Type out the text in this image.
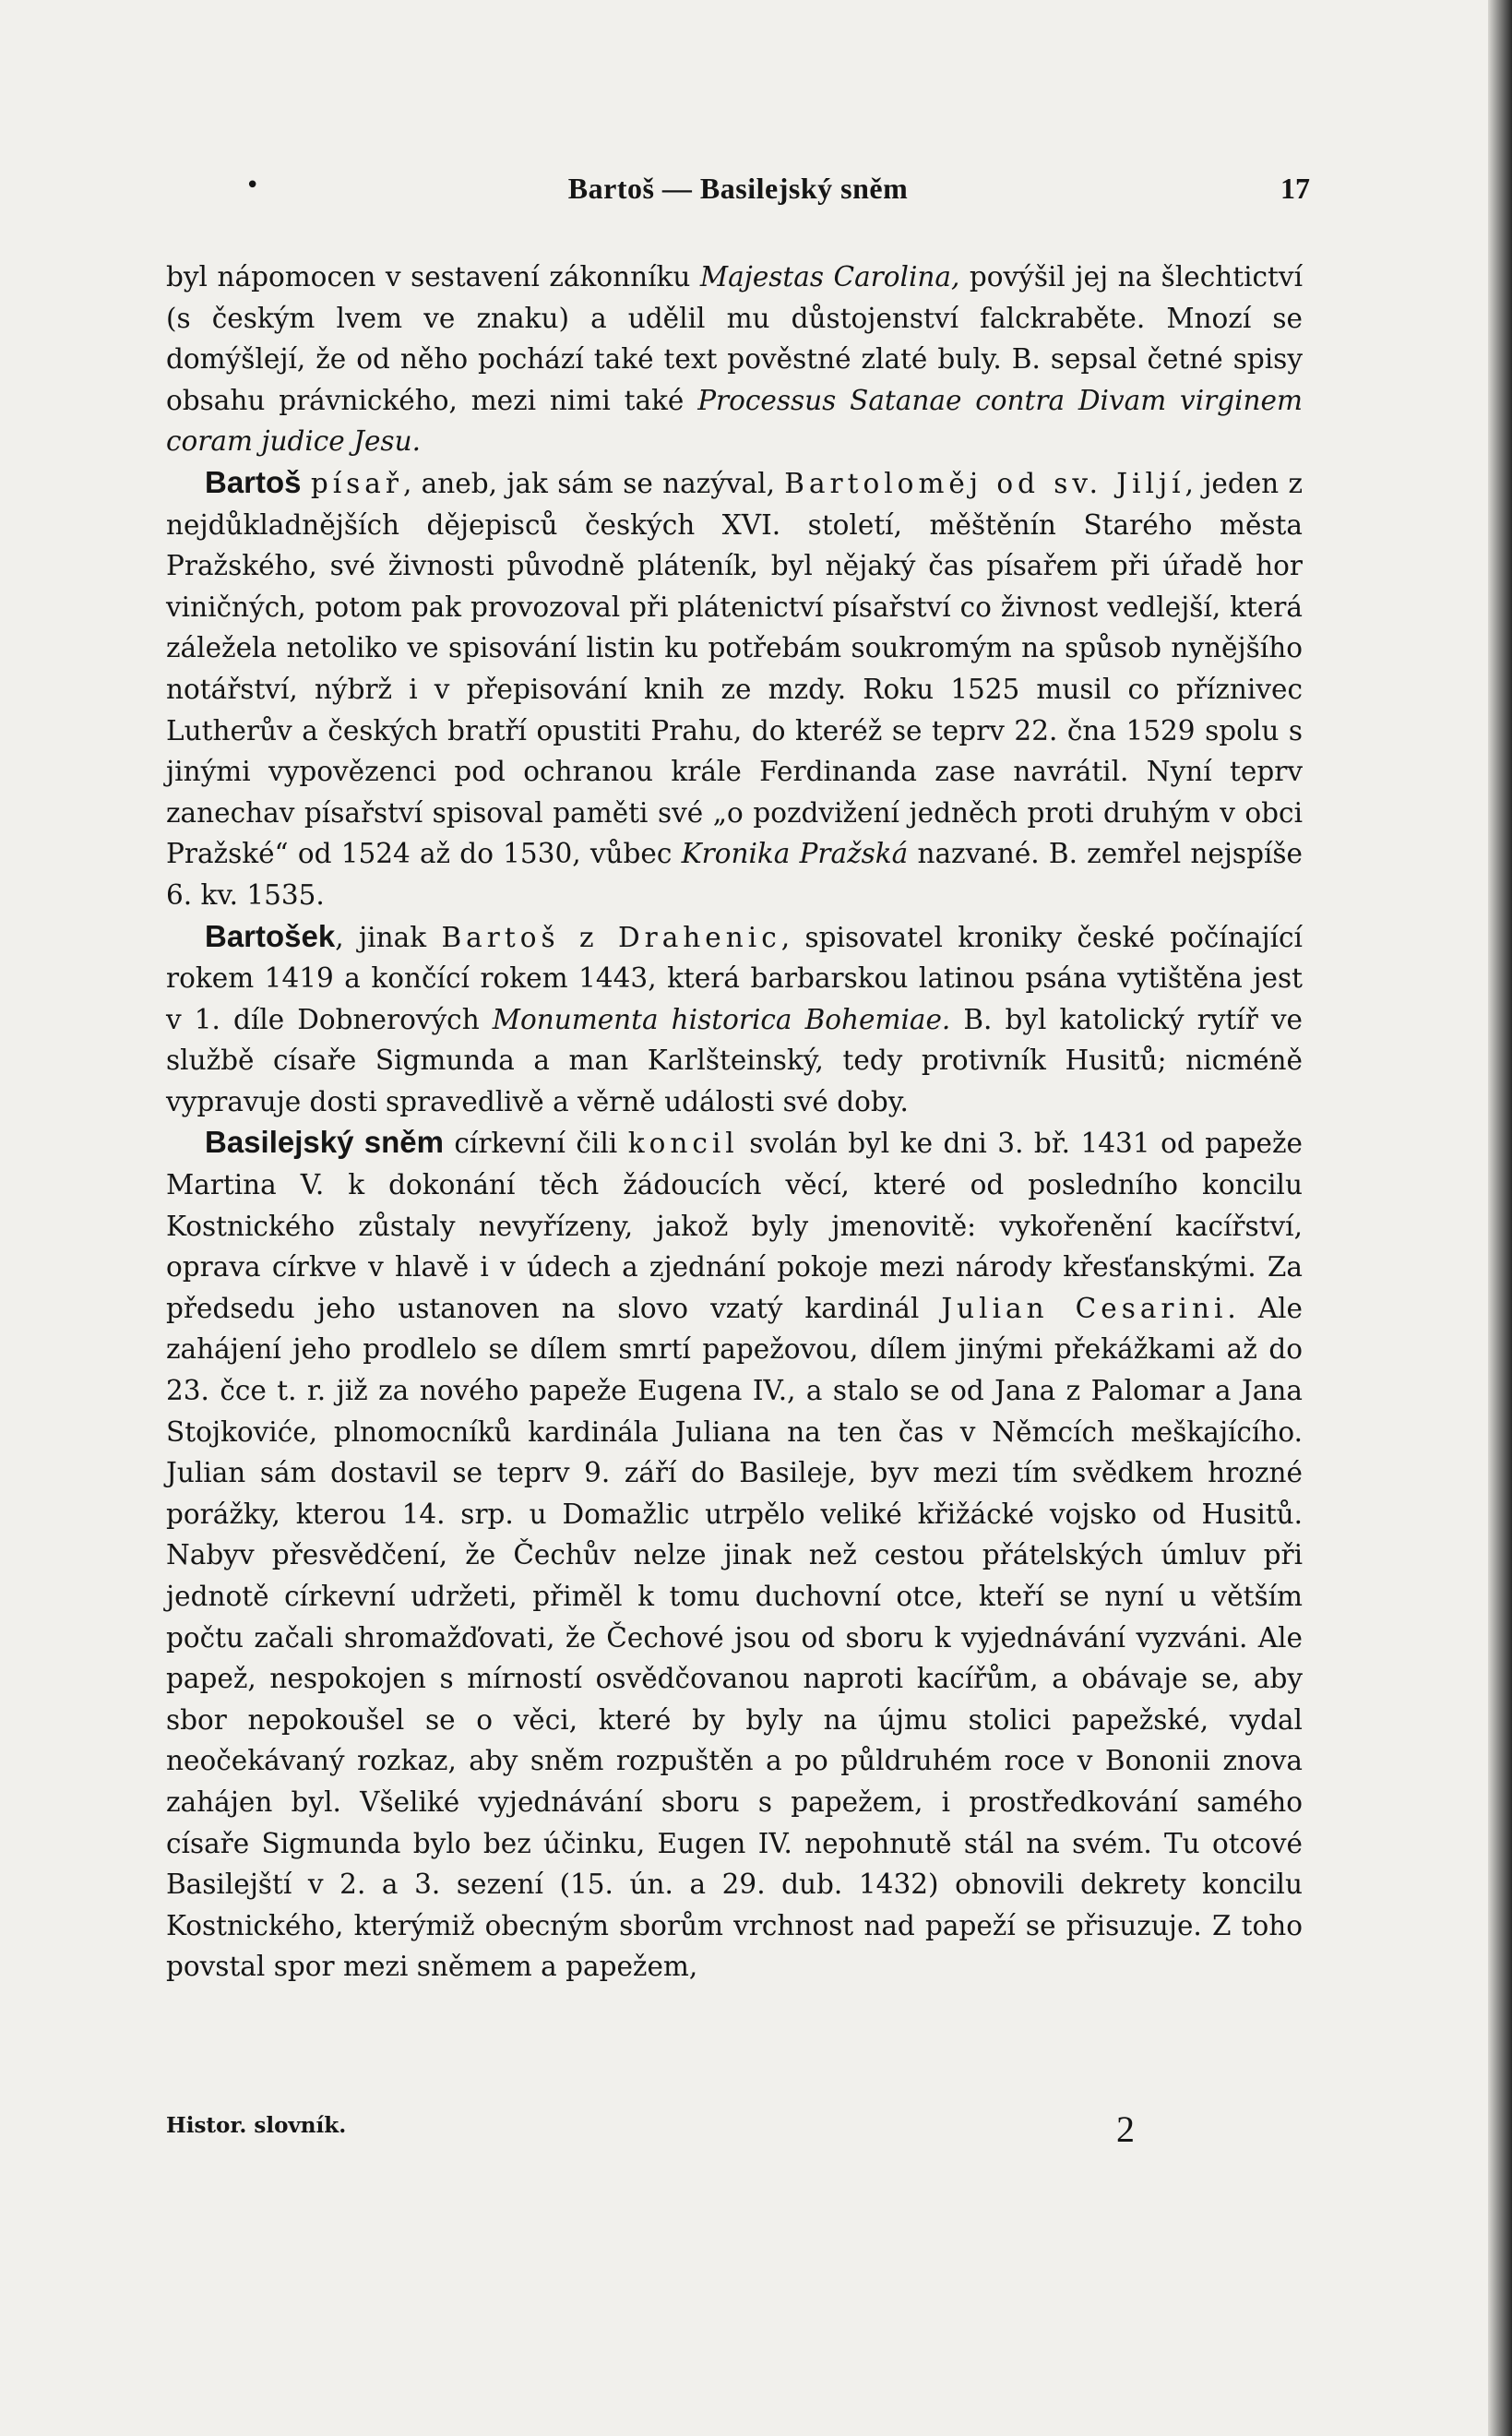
•	Bartoš — Basilejský sněm	17

byl nápomocen v sestavení zákonníku Majestas Carolina, povýšil jej na šlechtictví (s českým lvem ve znaku) a udělil mu důstojenství falckraběte. Mnozí se domýšlejí, že od něho pochází také text pověstné zlaté buly. B. sepsal četné spisy obsahu právnického, mezi nimi také Processus Satanae contra Divam virginem coram judice Jesu.

Bartoš písař, aneb, jak sám se nazýval, Bartoloměj od sv. Jiljí, jeden z nejdůkladnějších dějepisců českých XVI. století, měštěnín Starého města Pražského, své živnosti původně pláteník, byl nějaký čas písařem při úřadě hor viničných, potom pak provozoval při plátenictví písařství co živnost vedlejší, která záležela netoliko ve spisování listin ku potřebám soukromým na spůsob nynějšího notářství, nýbrž i v přepisování knih ze mzdy. Roku 1525 musil co příznivec Lutherův a českých bratří opustiti Prahu, do kteréž se teprv 22. čna 1529 spolu s jinými vypovězenci pod ochranou krále Ferdinanda zase navrátil. Nyní teprv zanechav písařství spisoval paměti své „o pozdvižení jedněch proti druhým v obci Pražské“ od 1524 až do 1530, vůbec Kronika Pražská nazvané. B. zemřel nejspíše 6. kv. 1535.

Bartošek, jinak Bartoš z Drahenic, spisovatel kroniky české počínající rokem 1419 a končící rokem 1443, která barbarskou latinou psána vytištěna jest v 1. díle Dobnerových Monumenta historica Bohemiae. B. byl katolický rytíř ve službě císaře Sigmunda a man Karlšteinský, tedy protivník Husitů; nicméně vypravuje dosti spravedlivě a věrně události své doby.

Basilejský sněm církevní čili koncil svolán byl ke dni 3. bř. 1431 od papeže Martina V. k dokonání těch žádoucích věcí, které od posledního koncilu Kostnického zůstaly nevyřízeny, jakož byly jmenovitě: vykořenění kacířství, oprava církve v hlavě i v údech a zjednání pokoje mezi národy křesťanskými. Za předsedu jeho ustanoven na slovo vzatý kardinál Julian Cesarini. Ale zahájení jeho prodlelo se dílem smrtí papežovou, dílem jinými překážkami až do 23. čce t. r. již za nového papeže Eugena IV., a stalo se od Jana z Palomar a Jana Stojkoviće, plnomocníků kardinála Juliana na ten čas v Němcích meškajícího. Julian sám dostavil se teprv 9. září do Basileje, byv mezi tím svědkem hrozné porážky, kterou 14. srp. u Domažlic utrpělo veliké křižácké vojsko od Husitů. Nabyv přesvědčení, že Čechův nelze jinak než cestou přátelských úmluv při jednotě církevní udržeti, přiměl k tomu duchovní otce, kteří se nyní u větším počtu začali shromažďovati, že Čechové jsou od sboru k vyjednávání vyzváni. Ale papež, nespokojen s mírností osvědčovanou naproti kacířům, a obávaje se, aby sbor nepokoušel se o věci, které by byly na újmu stolici papežské, vydal neočekávaný rozkaz, aby sněm rozpuštěn a po půldruhém roce v Bononii znova zahájen byl. Všeliké vyjednávání sboru s papežem, i prostředkování samého císaře Sigmunda bylo bez účinku, Eugen IV. nepohnutě stál na svém. Tu otcové Basilejští v 2. a 3. sezení (15. ún. a 29. dub. 1432) obnovili dekrety koncilu Kostnického, kterýmiž obecným sborům vrchnost nad papeží se přisuzuje. Z toho povstal spor mezi sněmem a papežem,

Histor. slovník.	2
